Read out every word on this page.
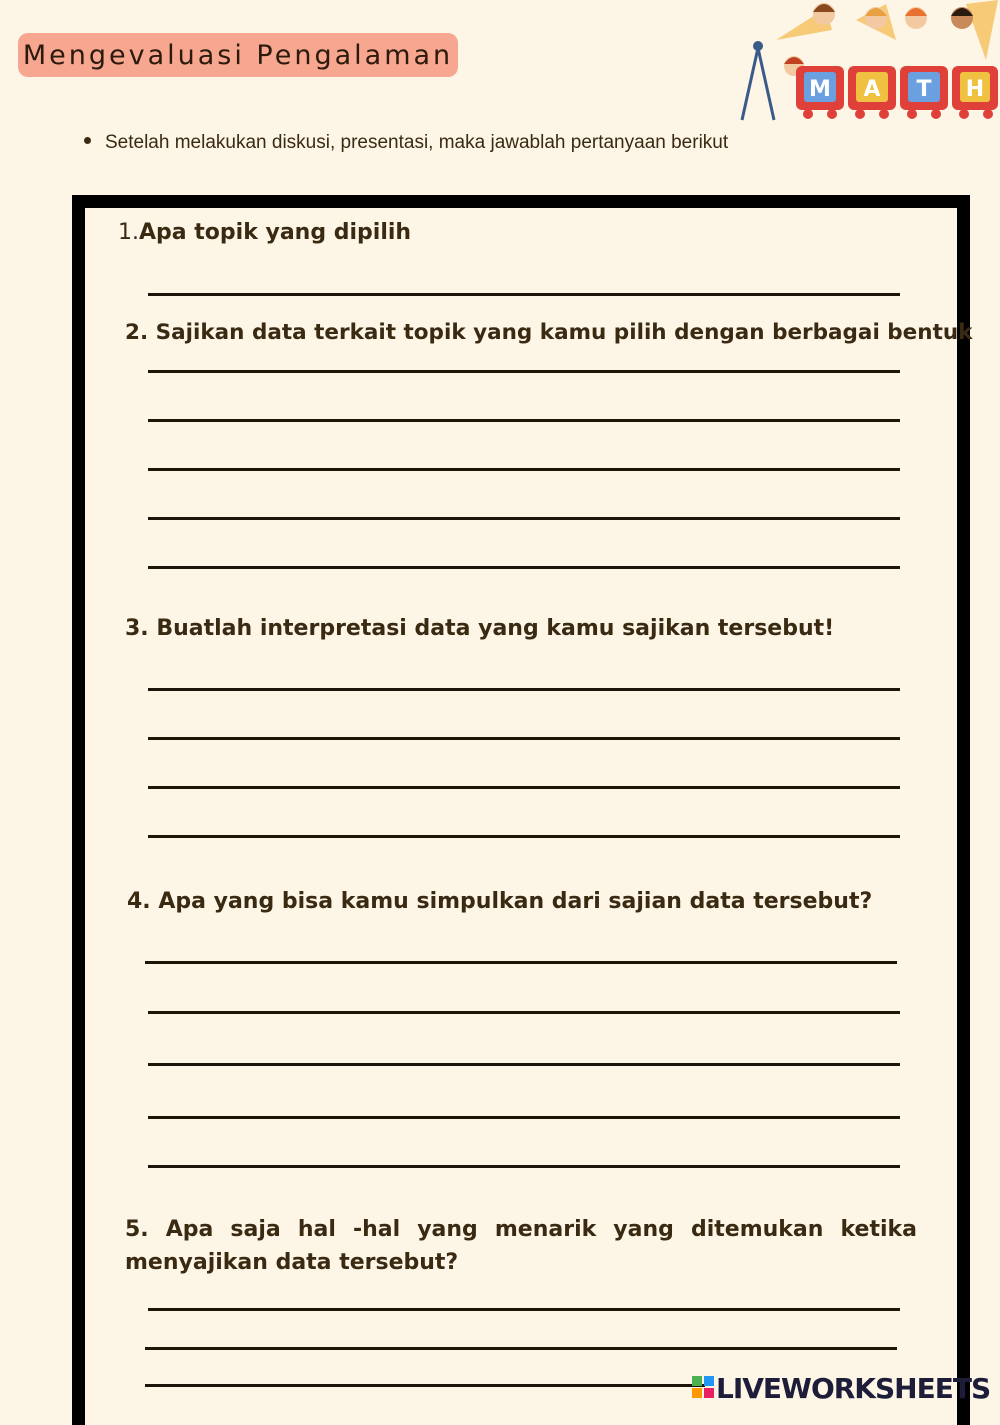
Mengevaluasi Pengalaman
M A T H
Setelah melakukan diskusi, presentasi, maka jawablah pertanyaan berikut
1.Apa topik yang dipilih
2. Sajikan data terkait topik yang kamu pilih dengan berbagai bentuk
3. Buatlah interpretasi data yang kamu sajikan tersebut!
4. Apa yang bisa kamu simpulkan dari sajian data tersebut?
5. Apa saja hal -hal yang menarik yang ditemukan ketika
menyajikan data tersebut?
LIVEWORKSHEETS
